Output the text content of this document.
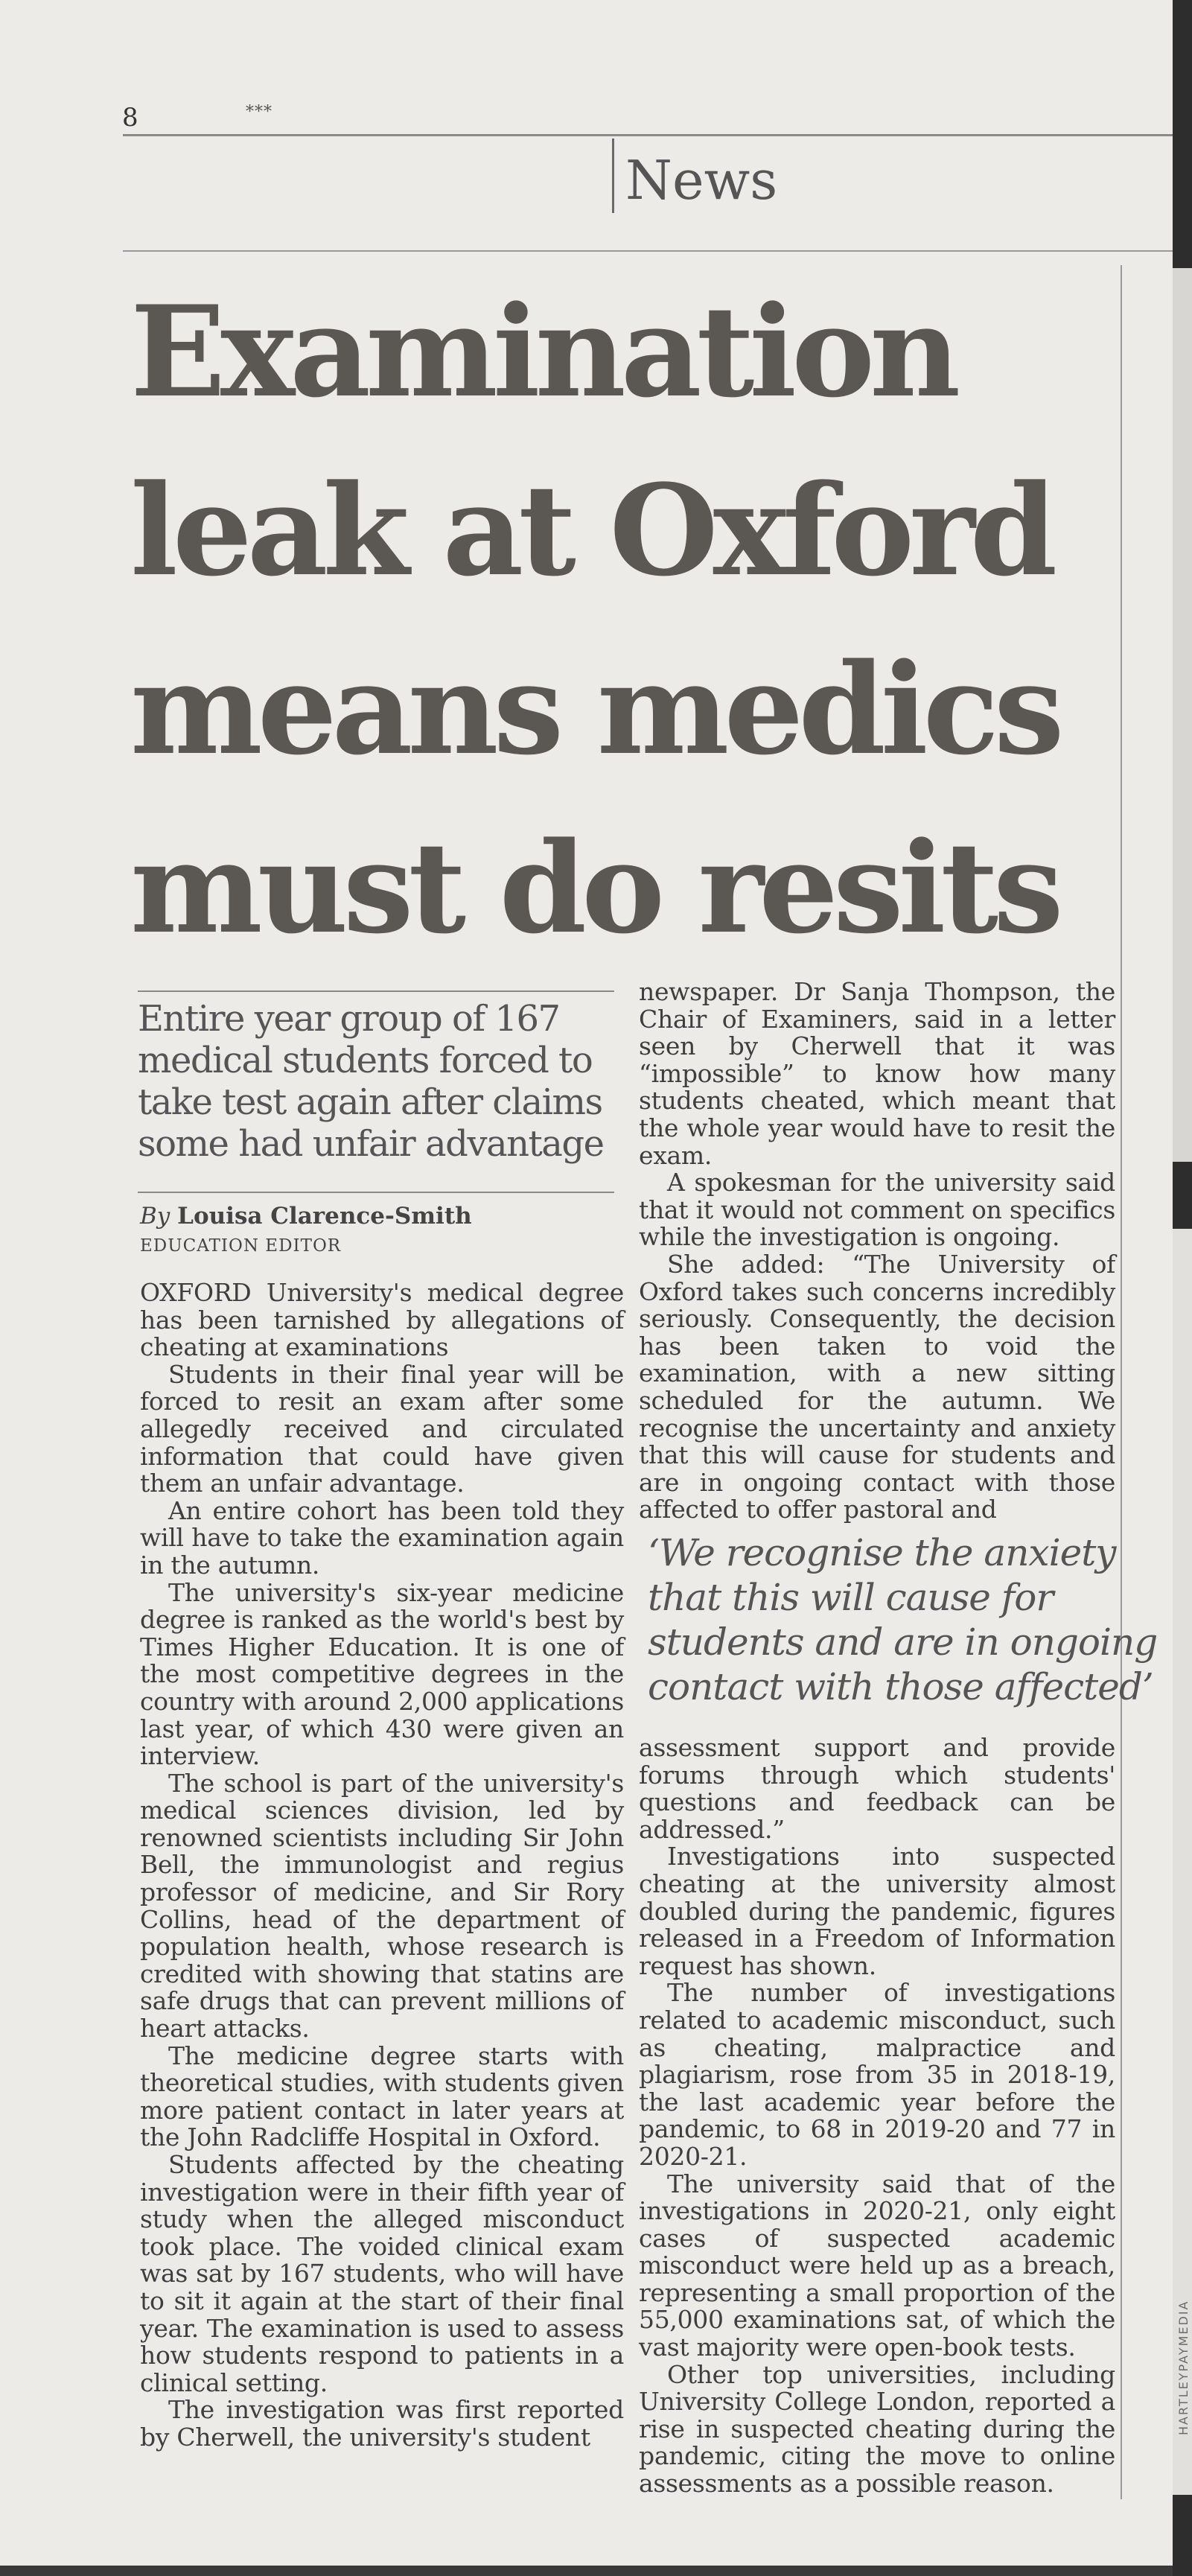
HARTLEYPAYMEDIA
8	***
News
Examination
leak at Oxford
means medics
must do resits
Entire year group of 167 medical students forced to take test again after claims some had unfair advantage
By Louisa Clarence-Smith
EDUCATION EDITOR

OXFORD University's medical degree has been tarnished by allegations of cheating at examinations

Students in their final year will be forced to resit an exam after some allegedly received and circulated information that could have given them an unfair advantage.

An entire cohort has been told they will have to take the examination again in the autumn.

The university's six-year medicine degree is ranked as the world's best by Times Higher Education. It is one of the most competitive degrees in the country with around 2,000 applications last year, of which 430 were given an interview.

The school is part of the university's medical sciences division, led by renowned scientists including Sir John Bell, the immunologist and regius professor of medicine, and Sir Rory Collins, head of the department of population health, whose research is credited with showing that statins are safe drugs that can prevent millions of heart attacks.

The medicine degree starts with theoretical studies, with students given more patient contact in later years at the John Radcliffe Hospital in Oxford.

Students affected by the cheating investigation were in their fifth year of study when the alleged misconduct took place. The voided clinical exam was sat by 167 students, who will have to sit it again at the start of their final year. The examination is used to assess how students respond to patients in a clinical setting.

The investigation was first reported by Cherwell, the university's student

newspaper. Dr Sanja Thompson, the Chair of Examiners, said in a letter seen by Cherwell that it was “impossible” to know how many students cheated, which meant that the whole year would have to resit the exam.

A spokesman for the university said that it would not comment on specifics while the investigation is ongoing.

She added: “The University of Oxford takes such concerns incredibly seriously. Consequently, the decision has been taken to void the examination, with a new sitting scheduled for the autumn. We recognise the uncertainty and anxiety that this will cause for students and are in ongoing contact with those affected to offer pastoral and

‘We recognise the anxiety
that this will cause for
students and are in ongoing
contact with those affected’

assessment support and provide forums through which students' questions and feedback can be addressed.”

Investigations into suspected cheating at the university almost doubled during the pandemic, figures released in a Freedom of Information request has shown.

The number of investigations related to academic misconduct, such as cheating, malpractice and plagiarism, rose from 35 in 2018-19, the last academic year before the pandemic, to 68 in 2019-20 and 77 in 2020-21.

The university said that of the investigations in 2020-21, only eight cases of suspected academic misconduct were held up as a breach, representing a small proportion of the 55,000 examinations sat, of which the vast majority were open-book tests.

Other top universities, including University College London, reported a rise in suspected cheating during the pandemic, citing the move to online assessments as a possible reason.
